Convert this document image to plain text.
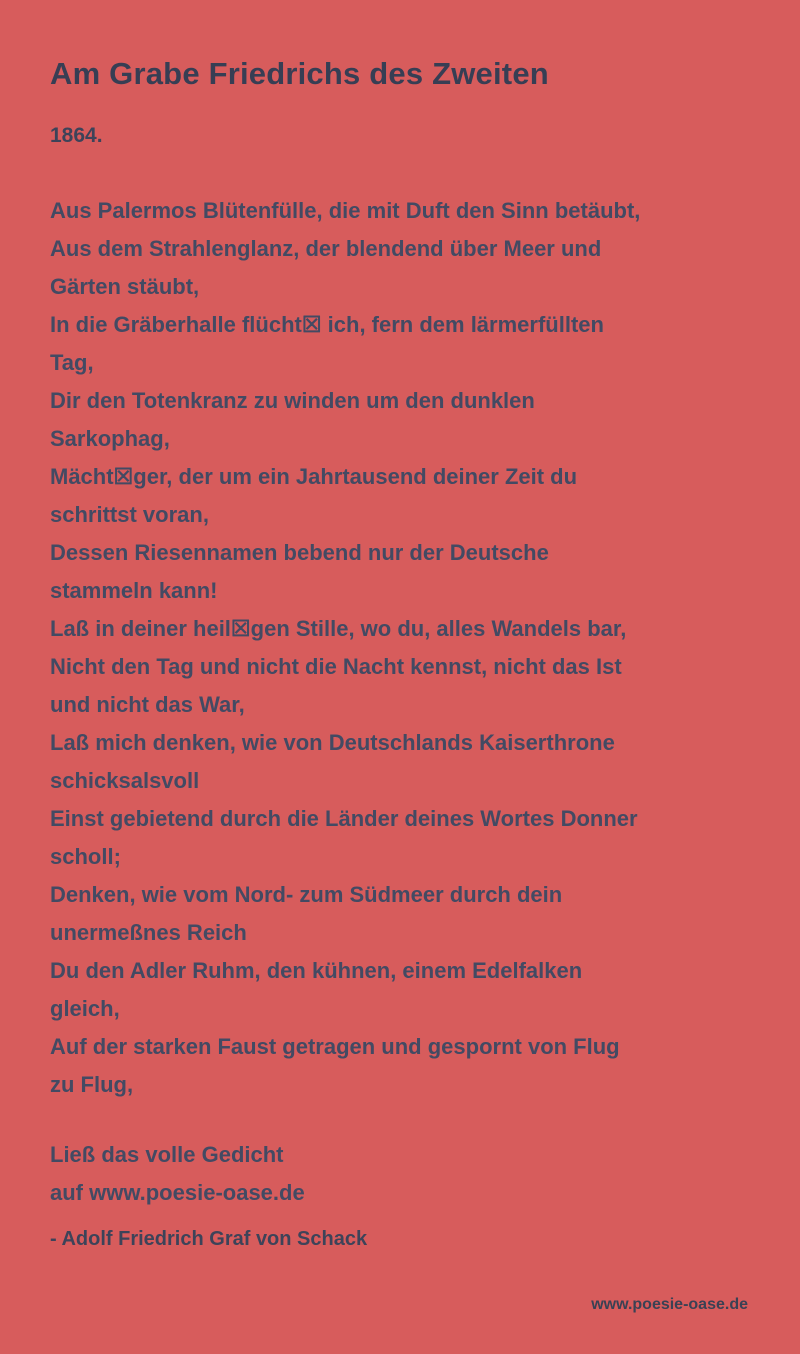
Am Grabe Friedrichs des Zweiten
1864.
Aus Palermos Blütenfülle, die mit Duft den Sinn betäubt,
Aus dem Strahlenglanz, der blendend über Meer und
Gärten stäubt,
In die Gräberhalle flücht☒ ich, fern dem lärmerfüllten
Tag,
Dir den Totenkranz zu winden um den dunklen
Sarkophag,
Mächt☒ger, der um ein Jahrtausend deiner Zeit du
schrittst voran,
Dessen Riesennamen bebend nur der Deutsche
stammeln kann!
Laß in deiner heil☒gen Stille, wo du, alles Wandels bar,
Nicht den Tag und nicht die Nacht kennst, nicht das Ist
und nicht das War,
Laß mich denken, wie von Deutschlands Kaiserthrone
schicksalsvoll
Einst gebietend durch die Länder deines Wortes Donner
scholl;
Denken, wie vom Nord- zum Südmeer durch dein
unermeßnes Reich
Du den Adler Ruhm, den kühnen, einem Edelfalken
gleich,
Auf der starken Faust getragen und gespornt von Flug
zu Flug,
Ließ das volle Gedicht
auf www.poesie-oase.de
- Adolf Friedrich Graf von Schack
www.poesie-oase.de
